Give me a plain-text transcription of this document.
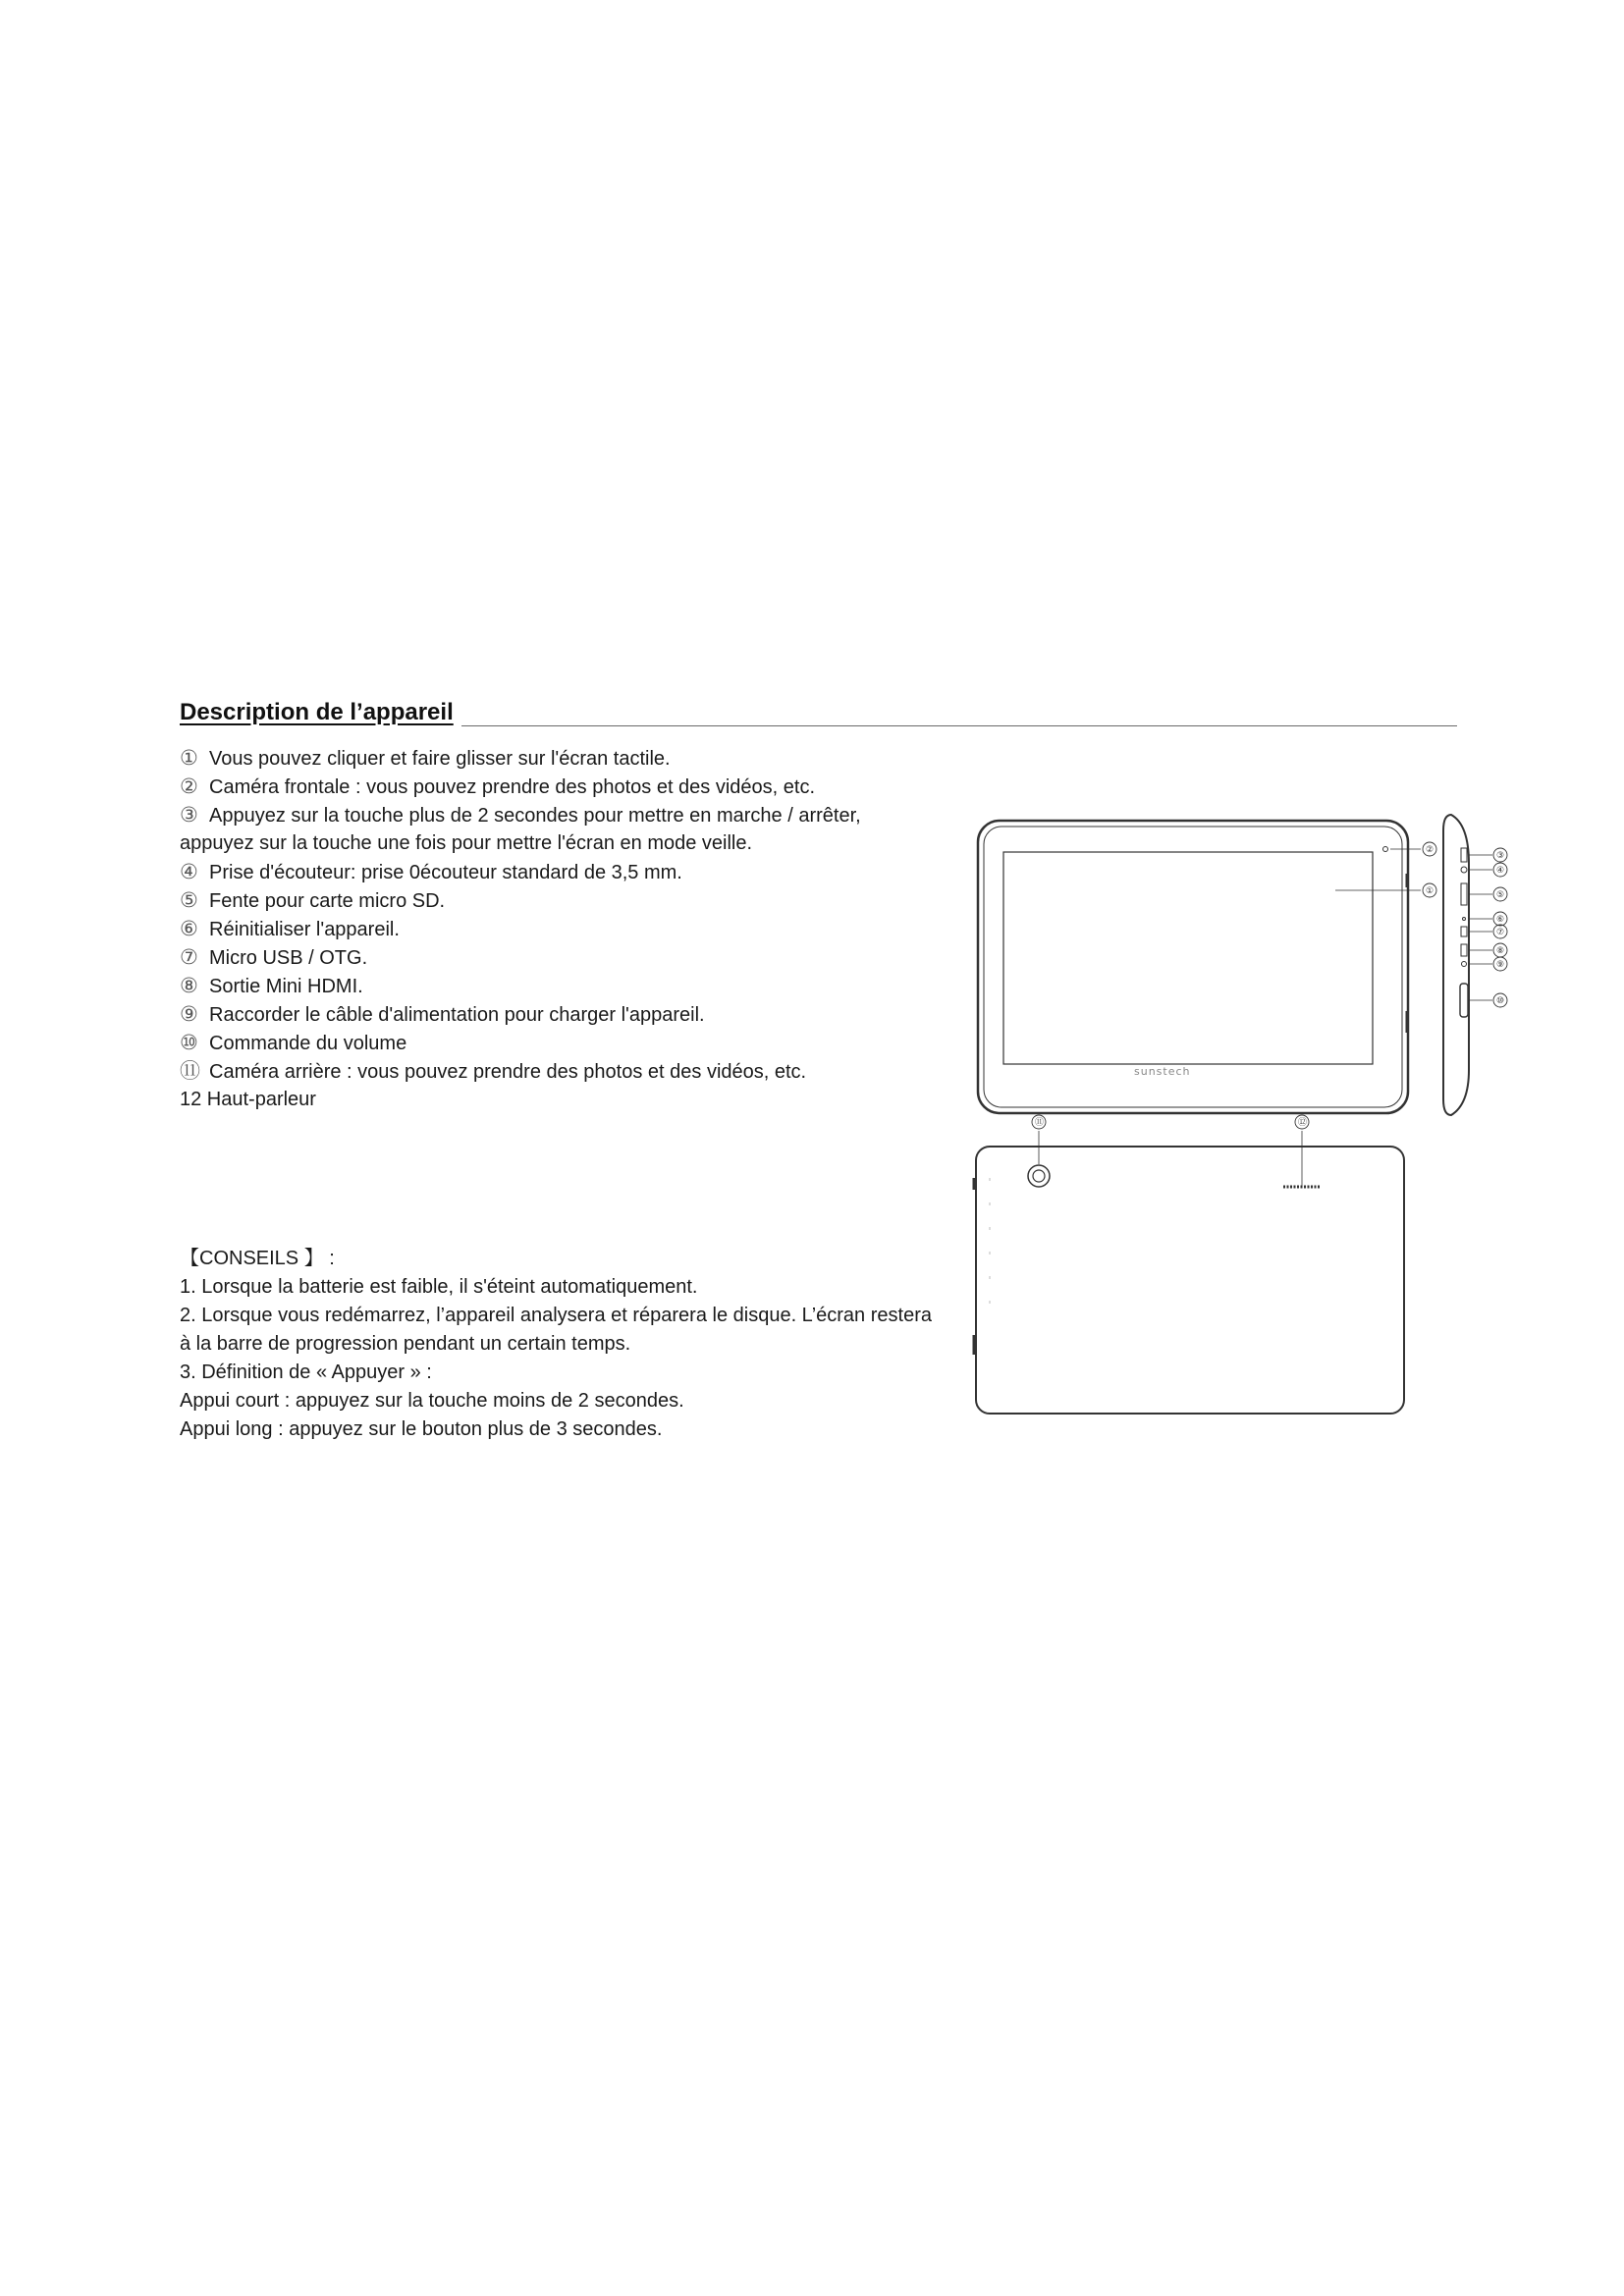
Description de l’appareil
① Vous pouvez cliquer et faire glisser sur l'écran tactile.
② Caméra frontale : vous pouvez prendre des photos et des vidéos, etc.
③ Appuyez sur la touche plus de 2 secondes pour mettre en marche / arrêter,
appuyez sur la touche une fois pour mettre l'écran en mode veille.
④ Prise d'écouteur: prise 0écouteur standard de 3,5 mm.
⑤ Fente pour carte micro SD.
⑥ Réinitialiser l'appareil.
⑦ Micro USB / OTG.
⑧ Sortie Mini HDMI.
⑨ Raccorder le câble d'alimentation pour charger l'appareil.
⑩ Commande du volume
⑪ Caméra arrière : vous pouvez prendre des photos et des vidéos, etc.
12 Haut-parleur
【CONSEILS 】 :
1. Lorsque la batterie est faible, il s'éteint automatiquement.
2. Lorsque vous redémarrez, l’appareil analysera et réparera le disque. L’écran restera
à la barre de progression pendant un certain temps.
3. Définition de « Appuyer » :
Appui court : appuyez sur la touche moins de 2 secondes.
Appui long : appuyez sur le bouton plus de 3 secondes.
sunstech
②
①
③
④
⑤
⑥
⑦
⑧
⑨
⑩
⑪	⑫
